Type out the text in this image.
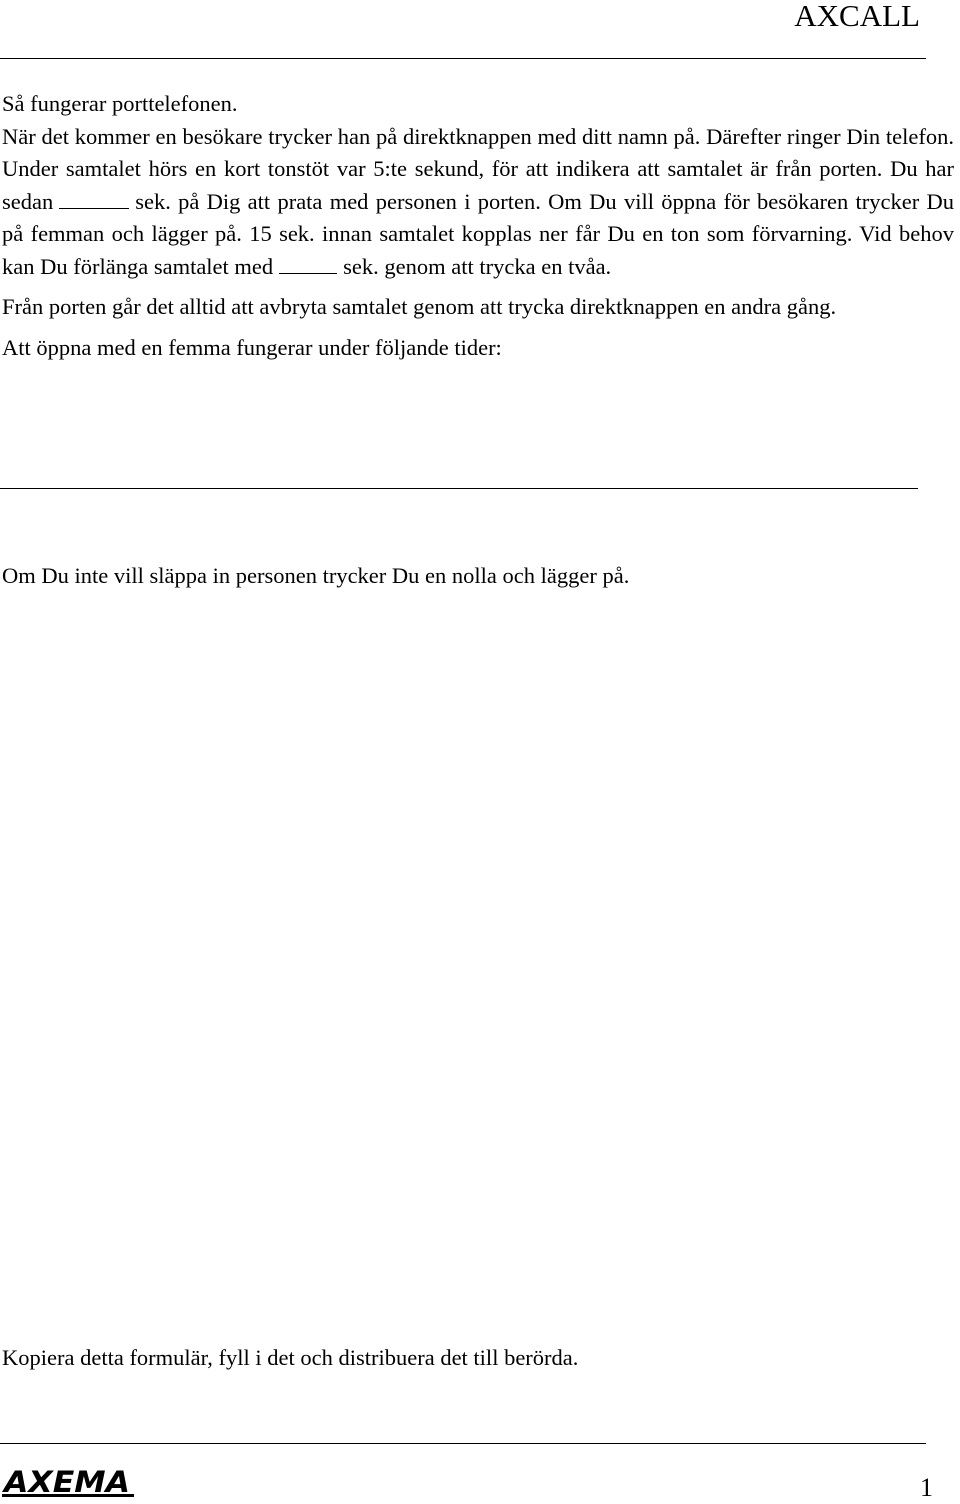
AXCALL

Så fungerar porttelefonen.

När det kommer en besökare trycker han på direktknappen med ditt namn på. Därefter ringer Din telefon. Under samtalet hörs en kort tonstöt var 5:te sekund, för att indikera att samtalet är från porten. Du har sedan	sek. på Dig att prata med personen i porten. Om Du vill öppna för besökaren trycker Du på femman och lägger på. 15 sek. innan samtalet kopplas ner får Du en ton som förvarning. Vid behov kan Du förlänga samtalet med	sek. genom att trycka en tvåa.

Från porten går det alltid att avbryta samtalet genom att trycka direktknappen en andra gång.

Att öppna med en femma fungerar under följande tider:

Om Du inte vill släppa in personen trycker Du en nolla och lägger på.

Kopiera detta formulär, fyll i det och distribuera det till berörda.

AXEMA	1
